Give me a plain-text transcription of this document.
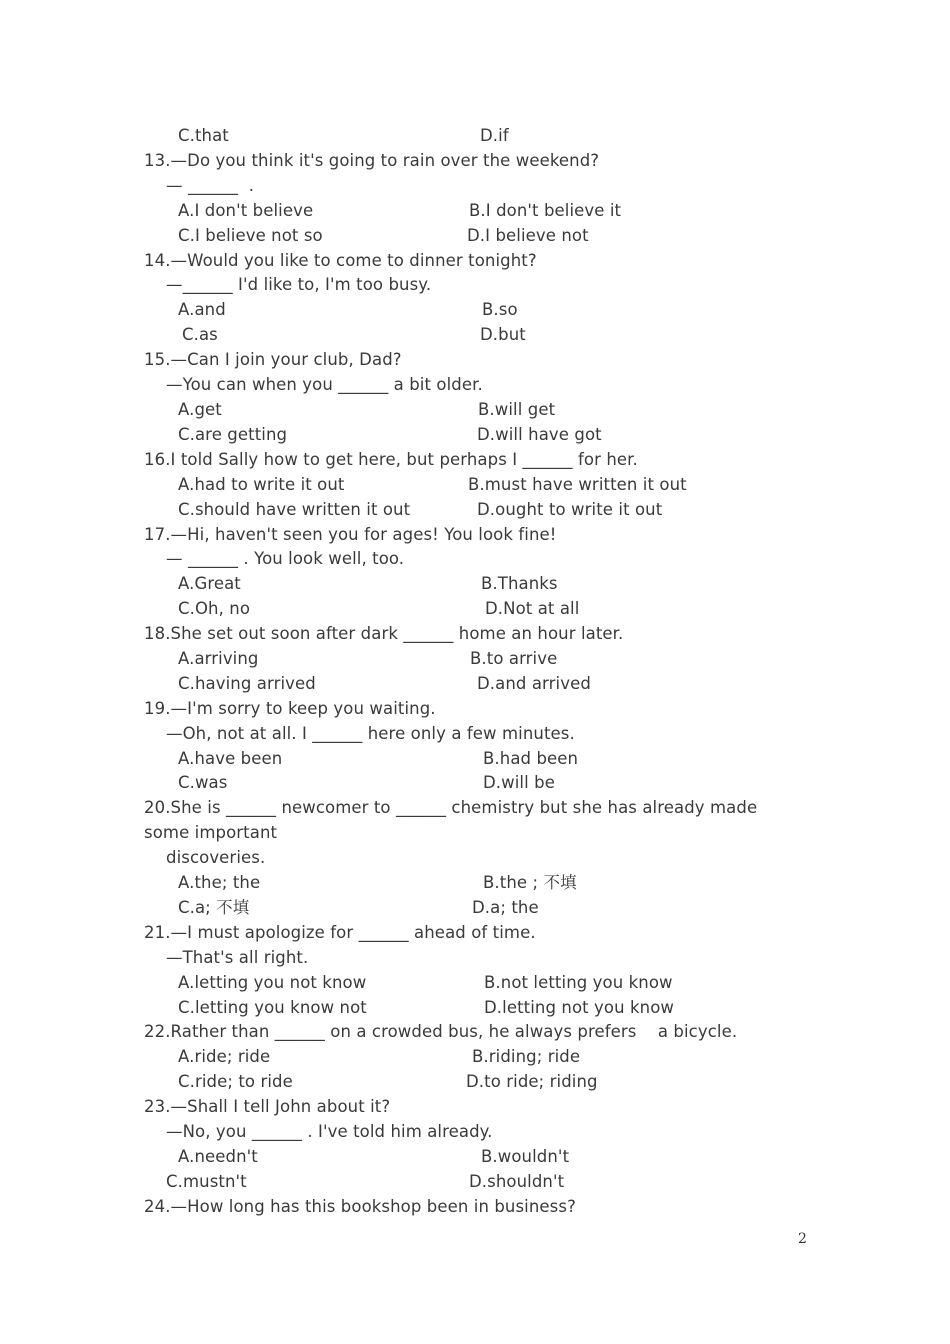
C.that	D.if
13.—Do you think it's going to rain over the weekend?
— ______  .
A.I don't believe	B.I don't believe it
C.I believe not so	D.I believe not
14.—Would you like to come to dinner tonight?
—______ I'd like to, I'm too busy.
A.and	B.so
C.as	D.but
15.—Can I join your club, Dad?
—You can when you ______ a bit older.
A.get	B.will get
C.are getting	D.will have got
16.I told Sally how to get here, but perhaps I ______ for her.
A.had to write it out	B.must have written it out
C.should have written it out	D.ought to write it out
17.—Hi, haven't seen you for ages! You look fine!
— ______ . You look well, too.
A.Great	B.Thanks
C.Oh, no	D.Not at all
18.She set out soon after dark ______ home an hour later.
A.arriving	B.to arrive
C.having arrived	D.and arrived
19.—I'm sorry to keep you waiting.
—Oh, not at all. I ______ here only a few minutes.
A.have been	B.had been
C.was	D.will be
20.She is ______ newcomer to ______ chemistry but she has already made
some important
discoveries.
A.the; the	B.the ; 不填
C.a; 不填	D.a; the
21.—I must apologize for ______ ahead of time.
—That's all right.
A.letting you not know	B.not letting you know
C.letting you know not	D.letting not you know
22.Rather than ______ on a crowded bus, he always prefers    a bicycle.
A.ride; ride	B.riding; ride
C.ride; to ride	D.to ride; riding
23.—Shall I tell John about it?
—No, you ______ . I've told him already.
A.needn't	B.wouldn't
C.mustn't	D.shouldn't
24.—How long has this bookshop been in business?
2
